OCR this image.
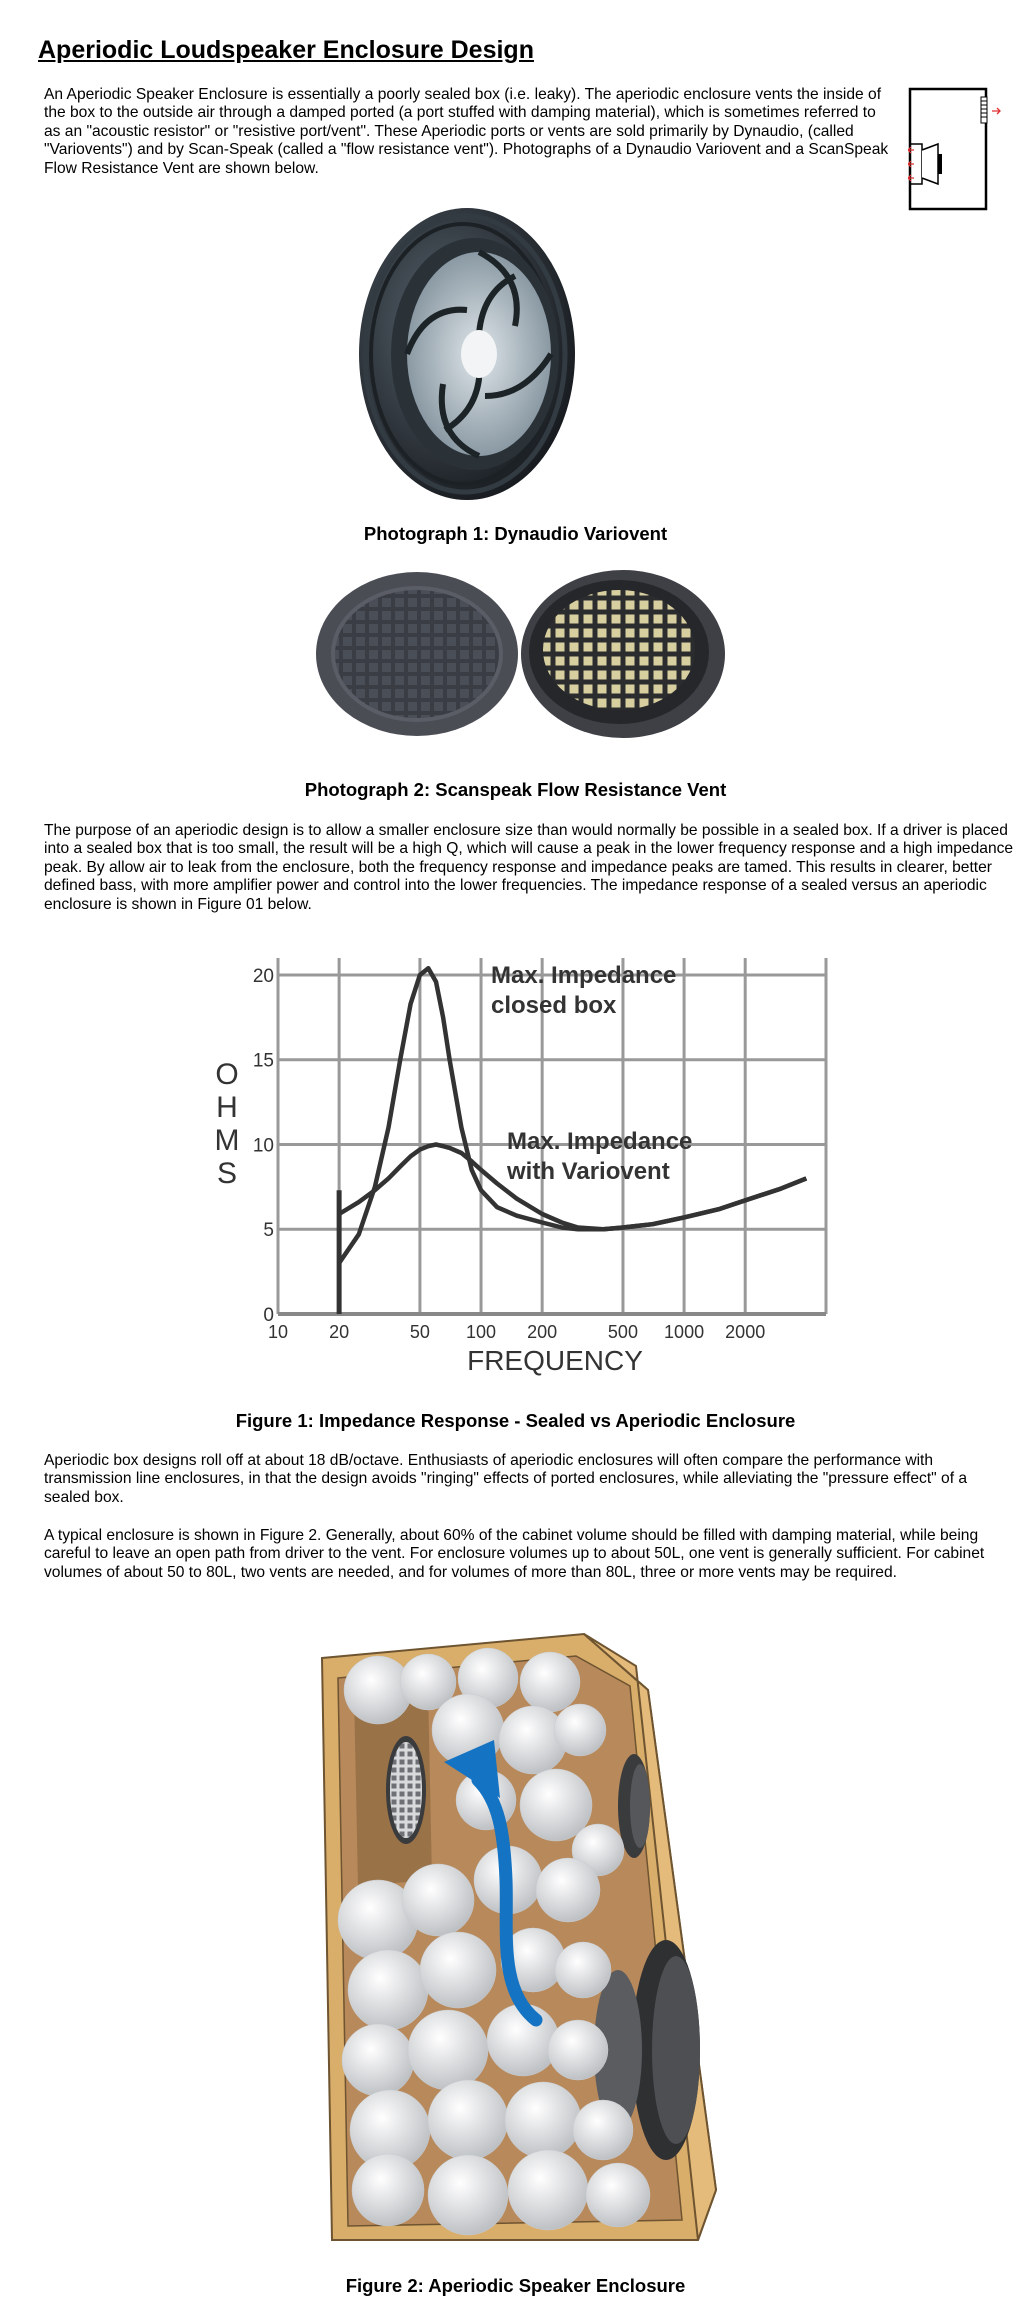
Aperiodic Loudspeaker Enclosure Design

An Aperiodic Speaker Enclosure is essentially a poorly sealed box (i.e. leaky). The aperiodic enclosure vents the inside of the box to the outside air through a damped ported (a port stuffed with damping material), which is sometimes referred to as an "acoustic resistor" or "resistive port/vent". These Aperiodic ports or vents are sold primarily by Dynaudio, (called "Variovents") and by Scan-Speak (called a "flow resistance vent"). Photographs of a Dynaudio Variovent and a ScanSpeak Flow Resistance Vent are shown below.

Photograph 1: Dynaudio Variovent

Photograph 2: Scanspeak Flow Resistance Vent

The purpose of an aperiodic design is to allow a smaller enclosure size than would normally be possible in a sealed box. If a driver is placed into a sealed box that is too small, the result will be a high Q, which will cause a peak in the lower frequency response and a high impedance peak. By allow air to leak from the enclosure, both the frequency response and impedance peaks are tamed. This results in clearer, better defined bass, with more amplifier power and control into the lower frequencies. The impedance response of a sealed versus an aperiodic enclosure is shown in Figure 01 below.

10 20	50 100 200	500 1000 2000
0
5
10
15
20	Max. Impedance
closed box
Max. Impedance
with Variovent
O
H
M
S
FREQUENCY

Figure 1: Impedance Response - Sealed vs Aperiodic Enclosure

Aperiodic box designs roll off at about 18 dB/octave. Enthusiasts of aperiodic enclosures will often compare the performance with transmission line enclosures, in that the design avoids "ringing" effects of ported enclosures, while alleviating the "pressure effect" of a sealed box.

A typical enclosure is shown in Figure 2. Generally, about 60% of the cabinet volume should be filled with damping material, while being careful to leave an open path from driver to the vent. For enclosure volumes up to about 50L, one vent is generally sufficient. For cabinet volumes of about 50 to 80L, two vents are needed, and for volumes of more than 80L, three or more vents may be required.

Figure 2: Aperiodic Speaker Enclosure
